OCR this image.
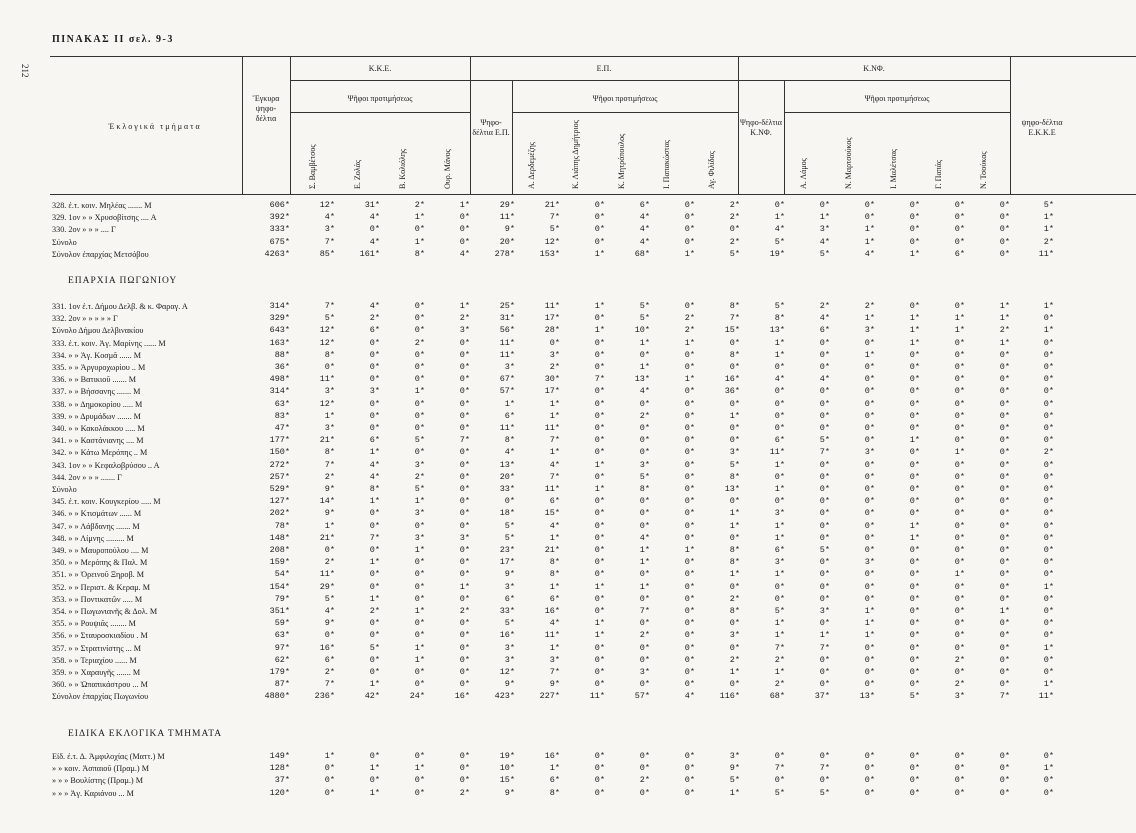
ΠΙΝΑΚΑΣ II σελ. 9-3
212
Ἐκλογικά τμήματα
Ἔγκυρα ψηφο-δέλτια
Κ.Κ.Ε.
Ψῆφοι προτιμήσεως
Ε.Π.
Ψηφο-δέλτια Ε.Π.
Ψῆφοι προτιμήσεως
Κ.ΝΦ.
Ψηφο-δέλτια Κ.ΝΦ.
Ψῆφοι προτιμήσεως
ψηφο-δέλτια Ε.Κ.Κ.Ε
Σ. Βαμβέτσος	Ε. Ζολάς	Β. Κολιόλης	Ουρ. Μάνος	Α. Δερδεμέζης	Κ. Λιάπης Δημήτριος	Κ. Μητρόπουλος	Ι. Παπακώστας	Αγ. Φιλίδας	Α. Λάμος	Ν. Μαρτσούκος	Ι. Μαλέτσας	Γ. Παπάς	Ν. Τσούκας
ΕΠΑΡΧΙΑ ΠΩΓΩΝΙΟΥ
ΕΙΔΙΚΑ ΕΚΛΟΓΙΚΑ ΤΜΗΜΑΤΑ
328. ἐ.τ. κοιν. Μηλέας ....... Μ	606*	12*	31*	2*	1*	29*	21*	0*	6*	0*	2*	0*	0*	0*	0*	0*	0*	5*
329. 1ον » » Χρυσοβίτσης .... Α	392*	4*	4*	1*	0*	11*	7*	0*	4*	0*	2*	1*	1*	0*	0*	0*	0*	1*
330. 2ον » » » .... Γ	333*	3*	0*	0*	0*	9*	5*	0*	4*	0*	0*	4*	3*	1*	0*	0*	0*	1*
Σύνολο	675*	7*	4*	1*	0*	20*	12*	0*	4*	0*	2*	5*	4*	1*	0*	0*	0*	2*
Σύνολον ἐπαρχίας Μετσόβου	4263*	85*	161*	8*	4*	278*	153*	1*	68*	1*	5*	19*	5*	4*	1*	6*	0*	11*
331. 1ον ἐ.τ. Δήμου Δελβ. & κ. Φαραγ. Α	314*	7*	4*	0*	1*	25*	11*	1*	5*	0*	8*	5*	2*	2*	0*	0*	1*	1*
332. 2ον » » » » » Γ	329*	5*	2*	0*	2*	31*	17*	0*	5*	2*	7*	8*	4*	1*	1*	1*	1*	0*
Σύνολο Δήμου Δελβινακίου	643*	12*	6*	0*	3*	56*	28*	1*	10*	2*	15*	13*	6*	3*	1*	1*	2*	1*
333. ἐ.τ. κοιν. Ἁγ. Μαρίνης ...... Μ	163*	12*	0*	2*	0*	11*	0*	0*	1*	1*	0*	1*	0*	0*	1*	0*	1*	0*
334. » » Ἁγ. Κοσμᾶ ...... Μ	88*	8*	0*	0*	0*	11*	3*	0*	0*	0*	8*	1*	0*	1*	0*	0*	0*	0*
335. » » Ἀργυροχωρίου .. Μ	36*	0*	0*	0*	0*	3*	2*	0*	1*	0*	0*	0*	0*	0*	0*	0*	0*	0*
336. » » Βατικιοῦ ....... Μ	498*	11*	0*	0*	0*	67*	30*	7*	13*	1*	16*	4*	4*	0*	0*	0*	0*	0*
337. » » Βήσσανης ....... Μ	314*	3*	3*	1*	0*	57*	17*	0*	4*	0*	36*	0*	0*	0*	0*	0*	0*	0*
338. » » Δημοκορίου ..... Μ	63*	12*	0*	0*	0*	1*	1*	0*	0*	0*	0*	0*	0*	0*	0*	0*	0*	0*
339. » » Δρυμάδων ....... Μ	83*	1*	0*	0*	0*	6*	1*	0*	2*	0*	1*	0*	0*	0*	0*	0*	0*	0*
340. » » Κακολάκκου ..... Μ	47*	3*	0*	0*	0*	11*	11*	0*	0*	0*	0*	0*	0*	0*	0*	0*	0*	0*
341. » » Καστάνιανης .... Μ	177*	21*	6*	5*	7*	8*	7*	0*	0*	0*	0*	6*	5*	0*	1*	0*	0*	0*
342. » » Κάτω Μερόπης .. Μ	150*	8*	1*	0*	0*	4*	1*	0*	0*	0*	3*	11*	7*	3*	0*	1*	0*	2*
343. 1ον » » Κεφαλοβρύσου .. Α	272*	7*	4*	3*	0*	13*	4*	1*	3*	0*	5*	1*	0*	0*	0*	0*	0*	0*
344. 2ον » » » ....... Γ	257*	2*	4*	2*	0*	20*	7*	0*	5*	0*	8*	0*	0*	0*	0*	0*	0*	0*
Σύνολο	529*	9*	8*	5*	0*	33*	11*	1*	8*	0*	13*	1*	0*	0*	0*	0*	0*	0*
345. ἐ.τ. κοιν. Κουγκερίου ..... Μ	127*	14*	1*	1*	0*	0*	6*	0*	0*	0*	0*	0*	0*	0*	0*	0*	0*	0*
346. » » Κτισμάτων ...... Μ	202*	9*	0*	3*	0*	18*	15*	0*	0*	0*	1*	3*	0*	0*	0*	0*	0*	0*
347. » » Λάβδανης ....... Μ	78*	1*	0*	0*	0*	5*	4*	0*	0*	0*	1*	1*	0*	0*	1*	0*	0*	0*
348. » » Λίμνης ......... Μ	148*	21*	7*	3*	3*	5*	1*	0*	4*	0*	0*	1*	0*	0*	1*	0*	0*	0*
349. » » Μαυροπούλου .... Μ	208*	0*	0*	1*	0*	23*	21*	0*	1*	1*	8*	6*	5*	0*	0*	0*	0*	0*
350. » » Μερόπης & Παλ. Μ	159*	2*	1*	0*	0*	17*	8*	0*	1*	0*	8*	3*	0*	3*	0*	0*	0*	0*
351. » » Ὀρεινοῦ Ξηροβ. Μ	54*	11*	0*	0*	0*	9*	8*	0*	0*	0*	1*	1*	0*	0*	0*	1*	0*	0*
352. » » Περιστ. & Κεραμ. Μ	154*	29*	0*	0*	1*	3*	1*	1*	1*	0*	0*	0*	0*	0*	0*	0*	0*	1*
353. » » Ποντικατῶν ..... Μ	79*	5*	1*	0*	0*	6*	6*	0*	0*	0*	2*	0*	0*	0*	0*	0*	0*	0*
354. » » Πωγωνιανῆς & Δολ. Μ	351*	4*	2*	1*	2*	33*	16*	0*	7*	0*	8*	5*	3*	1*	0*	0*	1*	0*
355. » » Ρουψιᾶς ........ Μ	59*	9*	0*	0*	0*	5*	4*	1*	0*	0*	0*	1*	0*	1*	0*	0*	0*	0*
356. » » Σταυροσκιαδίου . Μ	63*	0*	0*	0*	0*	16*	11*	1*	2*	0*	3*	1*	1*	1*	0*	0*	0*	0*
357. » » Στρατινίστης ... Μ	97*	16*	5*	1*	0*	3*	1*	0*	0*	0*	0*	7*	7*	0*	0*	0*	0*	1*
358. » » Τεριαχίου ...... Μ	62*	6*	0*	1*	0*	3*	3*	0*	0*	0*	2*	2*	0*	0*	0*	2*	0*	0*
359. » » Χαραυγῆς ....... Μ	179*	2*	0*	0*	0*	12*	7*	0*	3*	0*	1*	1*	0*	0*	0*	0*	0*	0*
360. » » Ὠπαπικάστρου ... Μ	87*	7*	1*	0*	0*	9*	9*	0*	0*	0*	0*	2*	0*	0*	0*	2*	0*	1*
Σύνολον ἐπαρχίας Πωγωνίου	4880*	236*	42*	24*	16*	423*	227*	11*	57*	4*	116*	68*	37*	13*	5*	3*	7*	11*
Εἰδ. ἐ.τ. Δ. Ἀμφιλοχίας (Ματτ.) Μ	149*	1*	0*	0*	0*	19*	16*	0*	0*	0*	3*	0*	0*	0*	0*	0*	0*	0*
» » κοιν. Ἀσπαιοῦ (Πραμ.) Μ	128*	0*	1*	1*	0*	10*	1*	0*	0*	0*	9*	7*	7*	0*	0*	0*	0*	1*
» » » Βουλίστης (Πραμ.) Μ	37*	0*	0*	0*	0*	15*	6*	0*	2*	0*	5*	0*	0*	0*	0*	0*	0*	0*
» » » Ἁγ. Καριάνου ... Μ	120*	0*	1*	0*	2*	9*	8*	0*	0*	0*	1*	5*	5*	0*	0*	0*	0*	0*
